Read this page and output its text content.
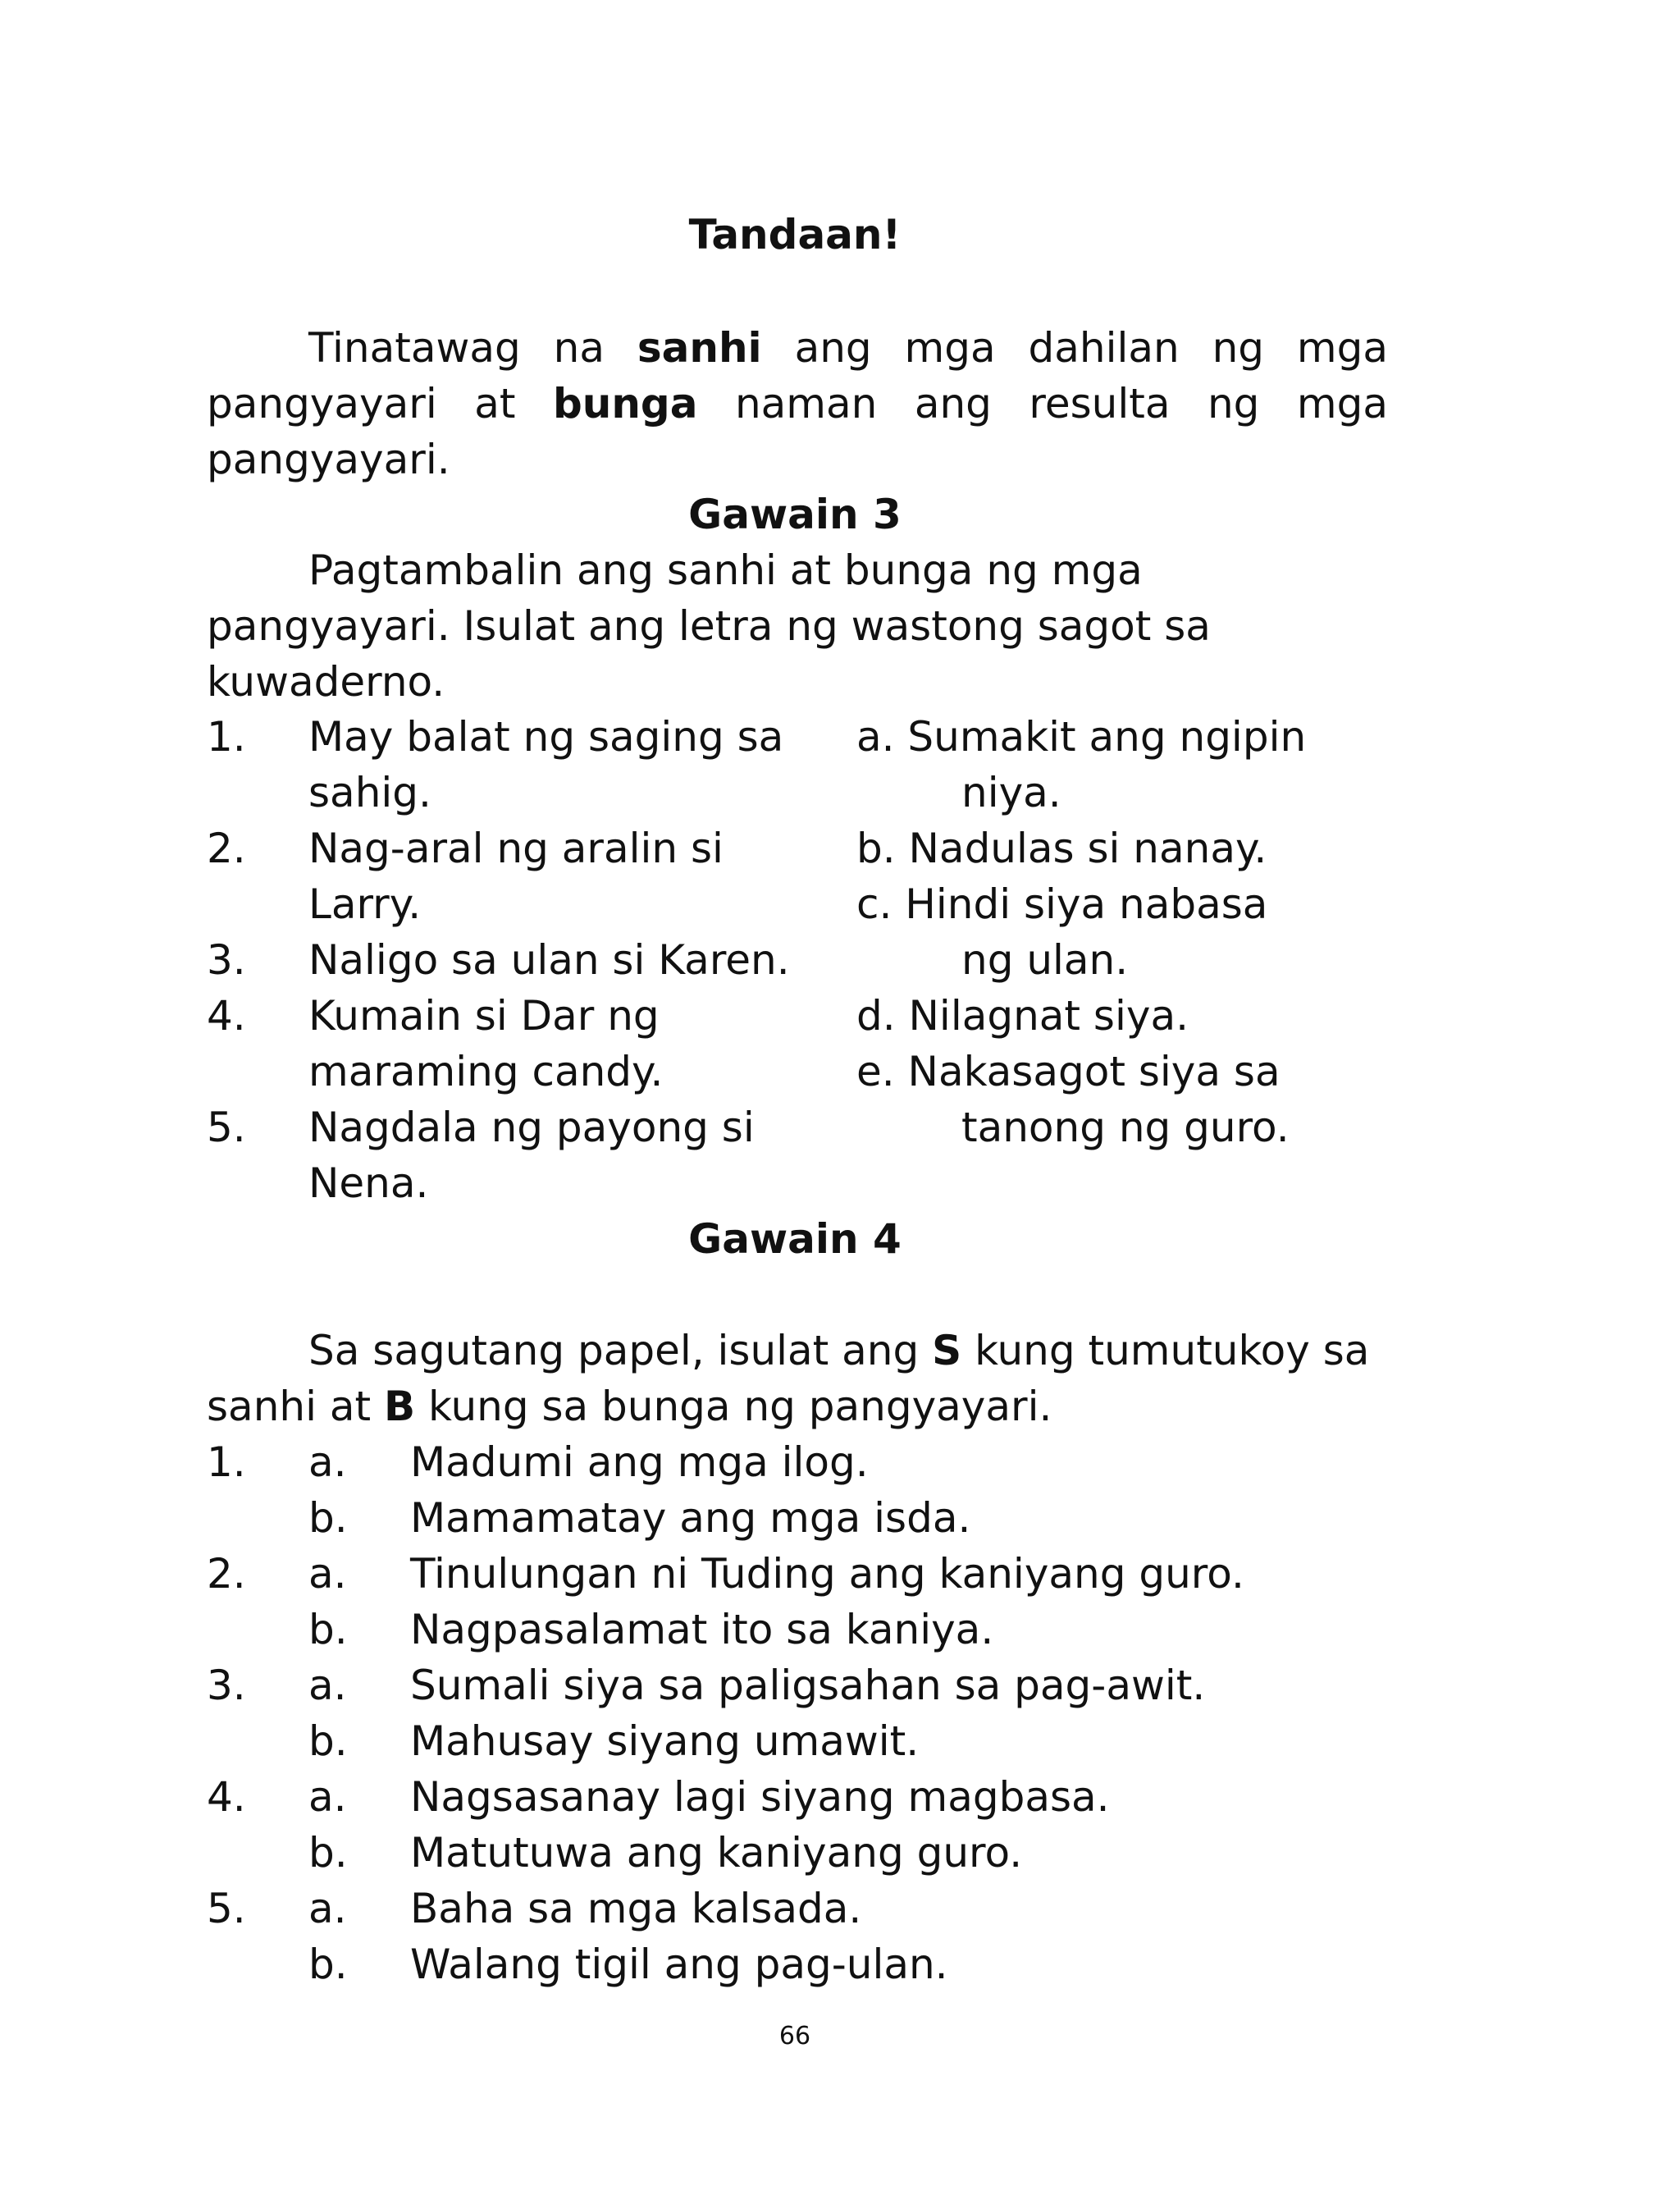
Tandaan!

Tinatawag na sanhi ang mga dahilan ng mga pangyayari at bunga naman ang resulta ng mga pangyayari.

Gawain 3

Pagtambalin ang sanhi at bunga ng mga pangyayari. Isulat ang letra ng wastong sagot sa kuwaderno.

1. May balat ng saging sa sahig.
2. Nag-aral ng aralin si Larry.
3. Naligo sa ulan si Karen.
4. Kumain si Dar ng maraming candy.
5. Nagdala ng payong si Nena.
a. Sumakit ang ngipin
niya.
b. Nadulas si nanay.
c. Hindi siya nabasa
ng ulan.
d. Nilagnat siya.
e. Nakasagot siya sa
tanong ng guro.
Gawain 4

Sa sagutang papel, isulat ang S kung tumutukoy sa sanhi at B kung sa bunga ng pangyayari.

1. a. Madumi ang mga ilog.
b. Mamamatay ang mga isda.
2. a. Tinulungan ni Tuding ang kaniyang guro.
b. Nagpasalamat ito sa kaniya.
3. a. Sumali siya sa paligsahan sa pag-awit.
b. Mahusay siyang umawit.
4. a. Nagsasanay lagi siyang magbasa.
b. Matutuwa ang kaniyang guro.
5. a. Baha sa mga kalsada.
b. Walang tigil ang pag-ulan.
66
